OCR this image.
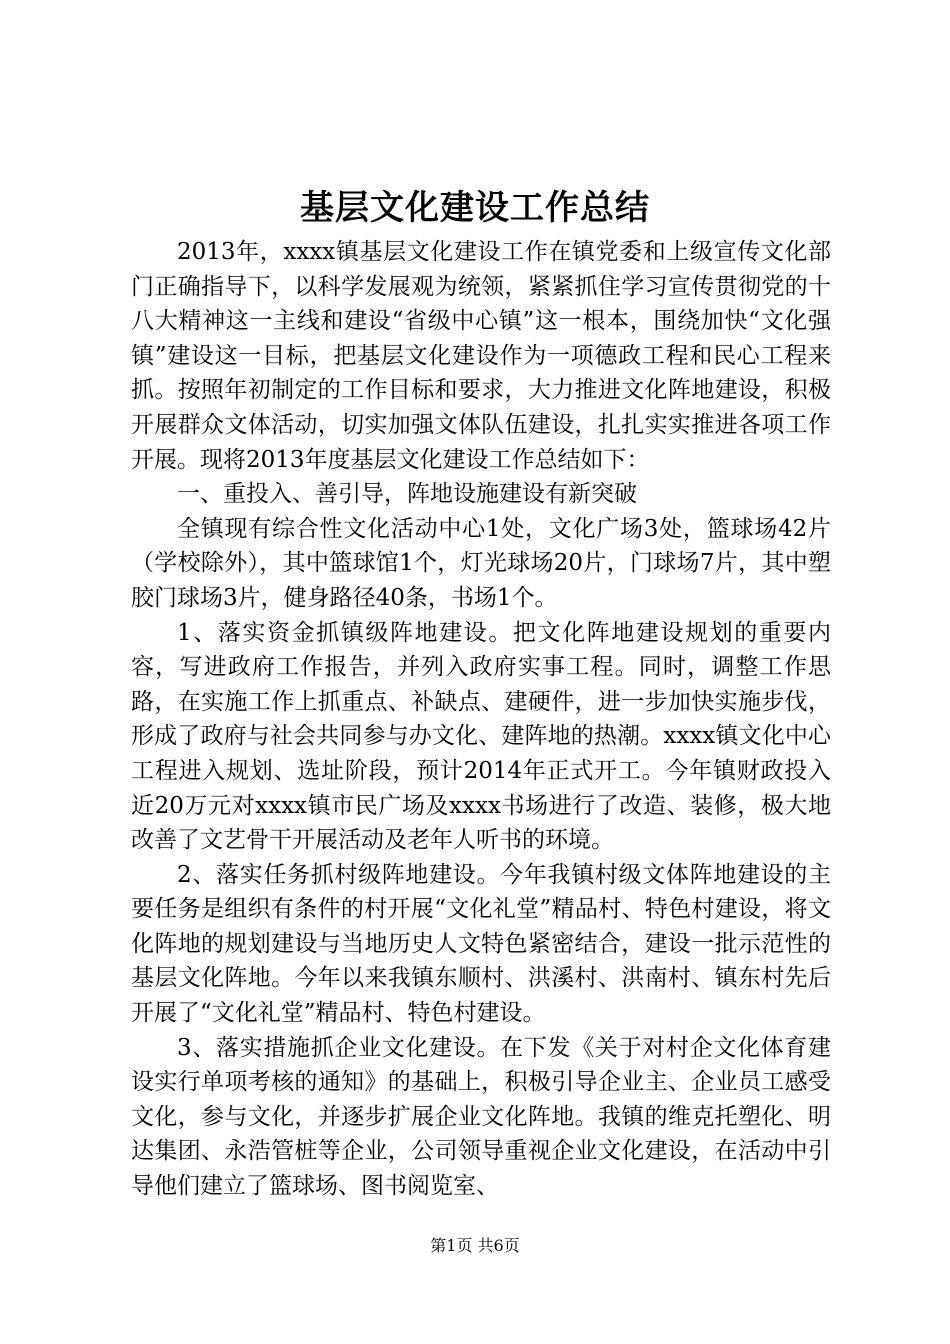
基层文化建设工作总结

2013年，xxxx镇基层文化建设工作在镇党委和上级宣传文化部门正确指导下，以科学发展观为统领，紧紧抓住学习宣传贯彻党的十八大精神这一主线和建设“省级中心镇”这一根本，围绕加快“文化强镇”建设这一目标，把基层文化建设作为一项德政工程和民心工程来抓。按照年初制定的工作目标和要求，大力推进文化阵地建设，积极开展群众文体活动，切实加强文体队伍建设，扎扎实实推进各项工作开展。现将2013年度基层文化建设工作总结如下：

一、重投入、善引导，阵地设施建设有新突破

全镇现有综合性文化活动中心1处，文化广场3处，篮球场42片（学校除外），其中篮球馆1个，灯光球场20片，门球场7片，其中塑胶门球场3片，健身路径40条，书场1个。

1、落实资金抓镇级阵地建设。把文化阵地建设规划的重要内容，写进政府工作报告，并列入政府实事工程。同时，调整工作思路，在实施工作上抓重点、补缺点、建硬件，进一步加快实施步伐，形成了政府与社会共同参与办文化、建阵地的热潮。xxxx镇文化中心工程进入规划、选址阶段，预计2014年正式开工。今年镇财政投入近20万元对xxxx镇市民广场及xxxx书场进行了改造、装修，极大地改善了文艺骨干开展活动及老年人听书的环境。

2、落实任务抓村级阵地建设。今年我镇村级文体阵地建设的主要任务是组织有条件的村开展“文化礼堂”精品村、特色村建设，将文化阵地的规划建设与当地历史人文特色紧密结合，建设一批示范性的基层文化阵地。今年以来我镇东顺村、洪溪村、洪南村、镇东村先后开展了“文化礼堂”精品村、特色村建设。

3、落实措施抓企业文化建设。在下发《关于对村企文化体育建设实行单项考核的通知》的基础上，积极引导企业主、企业员工感受文化，参与文化，并逐步扩展企业文化阵地。我镇的维克托塑化、明达集团、永浩管桩等企业，公司领导重视企业文化建设，在活动中引导他们建立了篮球场、图书阅览室、

第1页 共6页
